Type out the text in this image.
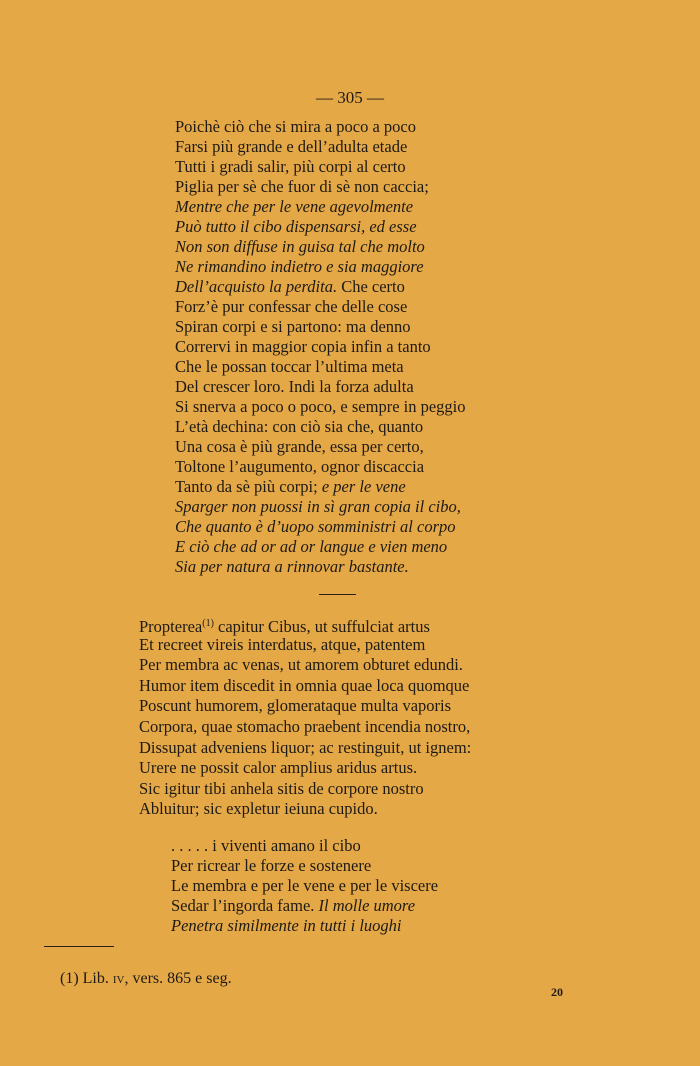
— 305 —
Poichè ciò che si mira a poco a poco
Farsi più grande e dell’adulta etade
Tutti i gradi salir, più corpi al certo
Piglia per sè che fuor di sè non caccia;
Mentre che per le vene agevolmente
Può tutto il cibo dispensarsi, ed esse
Non son diffuse in guisa tal che molto
Ne rimandino indietro e sia maggiore
Dell’acquisto la perdita. Che certo
Forz’è pur confessar che delle cose
Spiran corpi e si partono: ma denno
Corrervi in maggior copia infin a tanto
Che le possan toccar l’ultima meta
Del crescer loro. Indi la forza adulta
Si snerva a poco o poco, e sempre in peggio
L’età dechina: con ciò sia che, quanto
Una cosa è più grande, essa per certo,
Toltone l’augumento, ognor discaccia
Tanto da sè più corpi; e per le vene
Sparger non puossi in sì gran copia il cibo,
Che quanto è d’uopo somministri al corpo
E ciò che ad or ad or langue e vien meno
Sia per natura a rinnovar bastante.
Propterea$^{(1)}$ capitur Cibus, ut suffulciat artus
Et recreet vireis interdatus, atque, patentem
Per membra ac venas, ut amorem obturet edundi.
Humor item discedit in omnia quae loca quomque
Poscunt humorem, glomerataque multa vaporis
Corpora, quae stomacho praebent incendia nostro,
Dissupat adveniens liquor; ac restinguit, ut ignem:
Urere ne possit calor amplius aridus artus.
Sic igitur tibi anhela sitis de corpore nostro
Abluitur; sic expletur ieiuna cupido.
. . . . . i viventi amano il cibo
Per ricrear le forze e sostenere
Le membra e per le vene e per le viscere
Sedar l’ingorda fame. Il molle umore
Penetra similmente in tutti i luoghi
(1) Lib. iv, vers. 865 e seg.
20
